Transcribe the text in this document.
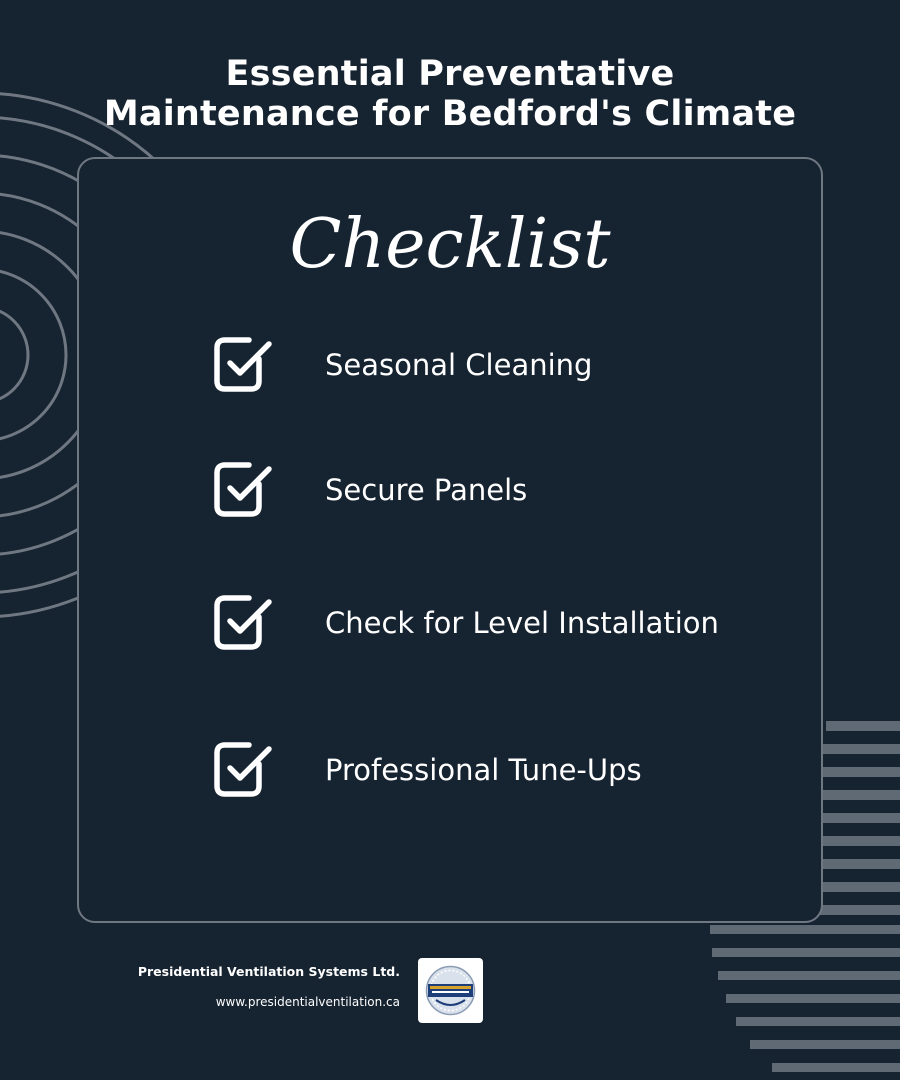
Essential Preventative
Maintenance for Bedford's Climate
Checklist
Seasonal Cleaning
Secure Panels
Check for Level Installation
Professional Tune-Ups
Presidential Ventilation Systems Ltd.
www.presidentialventilation.ca
